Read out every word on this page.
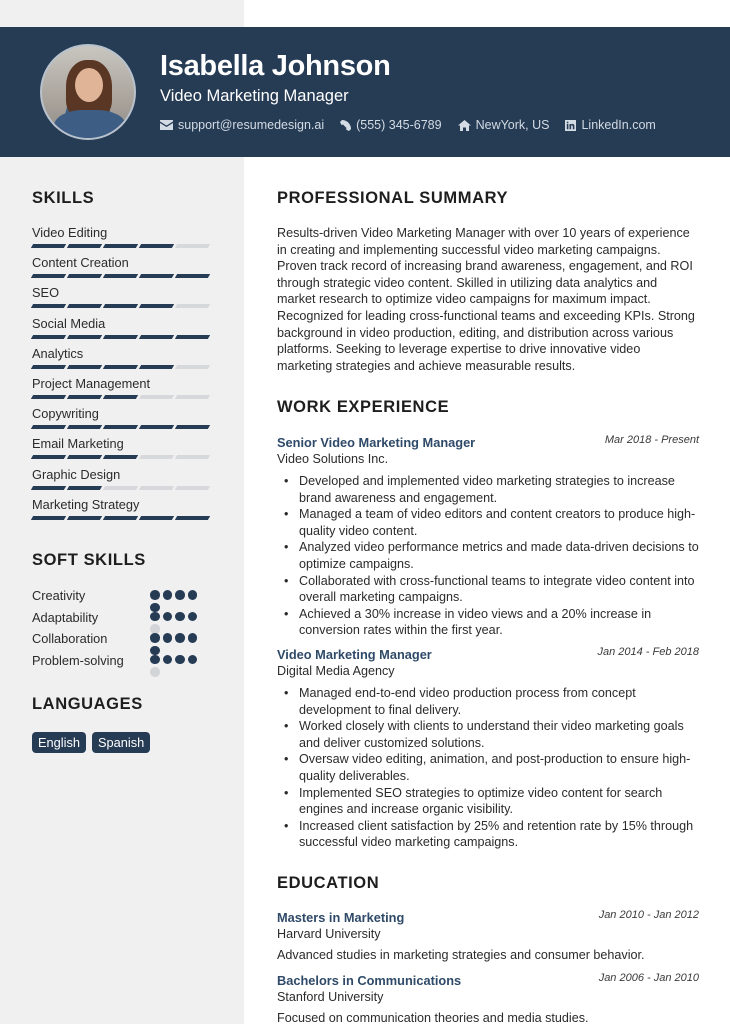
Isabella Johnson
Video Marketing Manager
support@resumedesign.ai	(555) 345-6789	NewYork, US	LinkedIn.com
SKILLS
Video Editing
Content Creation
SEO
Social Media
Analytics
Project Management
Copywriting
Email Marketing
Graphic Design
Marketing Strategy
SOFT SKILLS
Creativity
Adaptability
Collaboration
Problem-solving
LANGUAGES
English	Spanish
PROFESSIONAL SUMMARY
Results-driven Video Marketing Manager with over 10 years of experience in creating and implementing successful video marketing campaigns. Proven track record of increasing brand awareness, engagement, and ROI through strategic video content. Skilled in utilizing data analytics and market research to optimize video campaigns for maximum impact. Recognized for leading cross-functional teams and exceeding KPIs. Strong background in video production, editing, and distribution across various platforms. Seeking to leverage expertise to drive innovative video marketing strategies and achieve measurable results.
WORK EXPERIENCE
Senior Video Marketing Manager	Mar 2018 - Present
Video Solutions Inc.
• Developed and implemented video marketing strategies to increase brand awareness and engagement.
• Managed a team of video editors and content creators to produce high-quality video content.
• Analyzed video performance metrics and made data-driven decisions to optimize campaigns.
• Collaborated with cross-functional teams to integrate video content into overall marketing campaigns.
• Achieved a 30% increase in video views and a 20% increase in conversion rates within the first year.
Video Marketing Manager	Jan 2014 - Feb 2018
Digital Media Agency
• Managed end-to-end video production process from concept development to final delivery.
• Worked closely with clients to understand their video marketing goals and deliver customized solutions.
• Oversaw video editing, animation, and post-production to ensure high-quality deliverables.
• Implemented SEO strategies to optimize video content for search engines and increase organic visibility.
• Increased client satisfaction by 25% and retention rate by 15% through successful video marketing campaigns.
EDUCATION
Masters in Marketing	Jan 2010 - Jan 2012
Harvard University
Advanced studies in marketing strategies and consumer behavior.
Bachelors in Communications	Jan 2006 - Jan 2010
Stanford University
Focused on communication theories and media studies.
